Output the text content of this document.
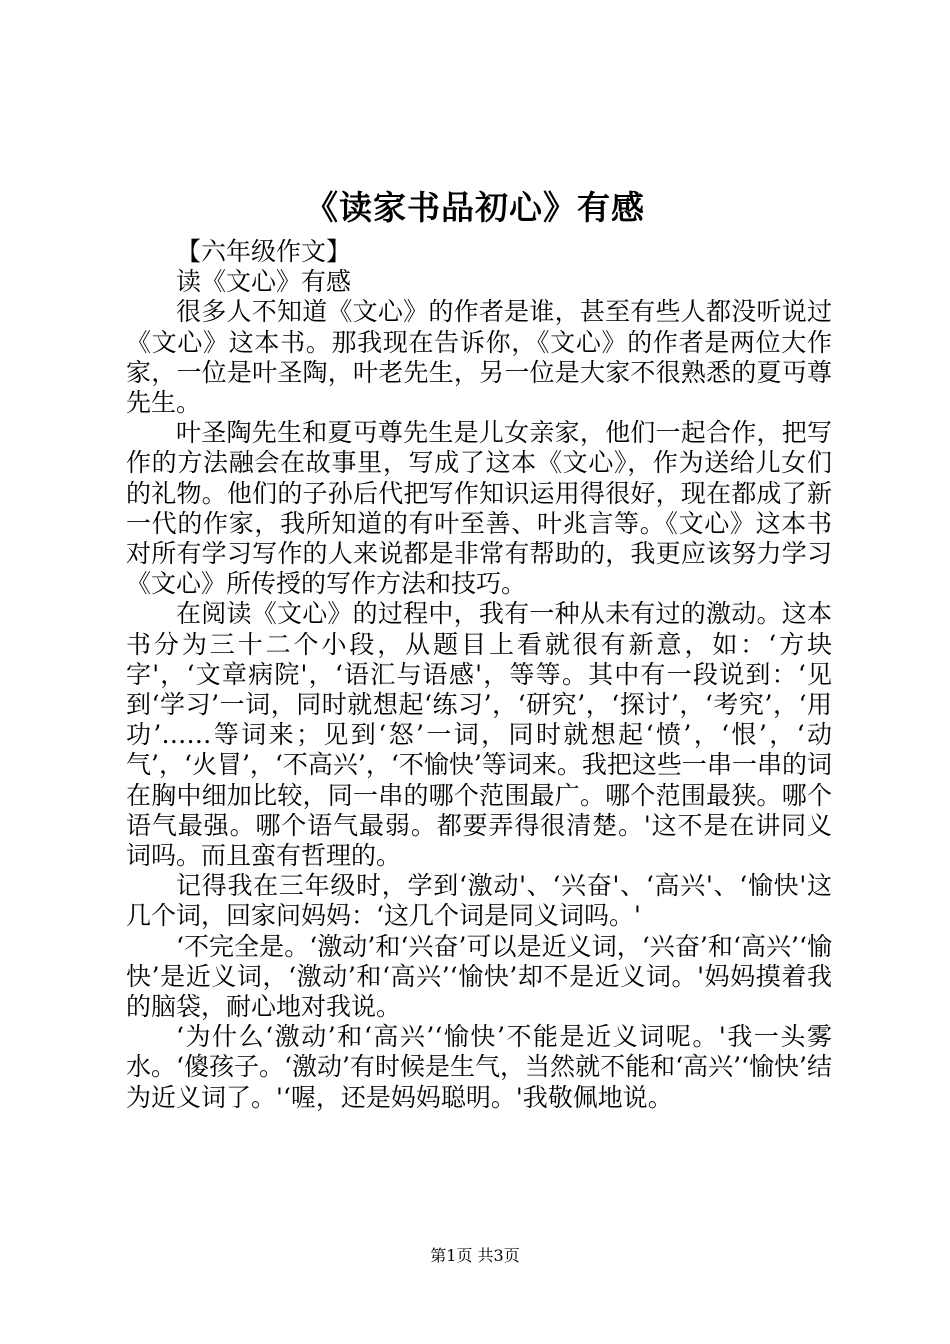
《读家书品初心》有感

【六年级作文】

读《文心》有感

很多人不知道《文心》的作者是谁，甚至有些人都没听说过《文心》这本书。那我现在告诉你，《文心》的作者是两位大作家，一位是叶圣陶，叶老先生，另一位是大家不很熟悉的夏丏尊先生。

叶圣陶先生和夏丏尊先生是儿女亲家，他们一起合作，把写作的方法融会在故事里，写成了这本《文心》，作为送给儿女们的礼物。他们的子孙后代把写作知识运用得很好，现在都成了新一代的作家，我所知道的有叶至善、叶兆言等。《文心》这本书对所有学习写作的人来说都是非常有帮助的，我更应该努力学习《文心》所传授的写作方法和技巧。

在阅读《文心》的过程中，我有一种从未有过的激动。这本书分为三十二个小段，从题目上看就很有新意，如：‘方块字'，‘文章病院'，‘语汇与语感'，等等。其中有一段说到：‘见到‘学习’一词，同时就想起‘练习’，‘研究’，‘探讨’，‘考究’，‘用功’……等词来；见到‘怒’一词，同时就想起‘愤’，‘恨’，‘动气’，‘火冒’，‘不高兴’，‘不愉快’等词来。我把这些一串一串的词在胸中细加比较，同一串的哪个范围最广。哪个范围最狭。哪个语气最强。哪个语气最弱。都要弄得很清楚。'这不是在讲同义词吗。而且蛮有哲理的。

记得我在三年级时，学到‘激动'、‘兴奋'、‘高兴'、‘愉快'这几个词，回家问妈妈：‘这几个词是同义词吗。'

‘不完全是。‘激动’和‘兴奋’可以是近义词，‘兴奋’和‘高兴’‘愉快’是近义词，‘激动’和‘高兴’‘愉快’却不是近义词。'妈妈摸着我的脑袋，耐心地对我说。

‘为什么‘激动’和‘高兴’‘愉快’不能是近义词呢。'我一头雾水。‘傻孩子。‘激动’有时候是生气，当然就不能和‘高兴’‘愉快’结为近义词了。'‘喔，还是妈妈聪明。'我敬佩地说。

第1页 共3页
